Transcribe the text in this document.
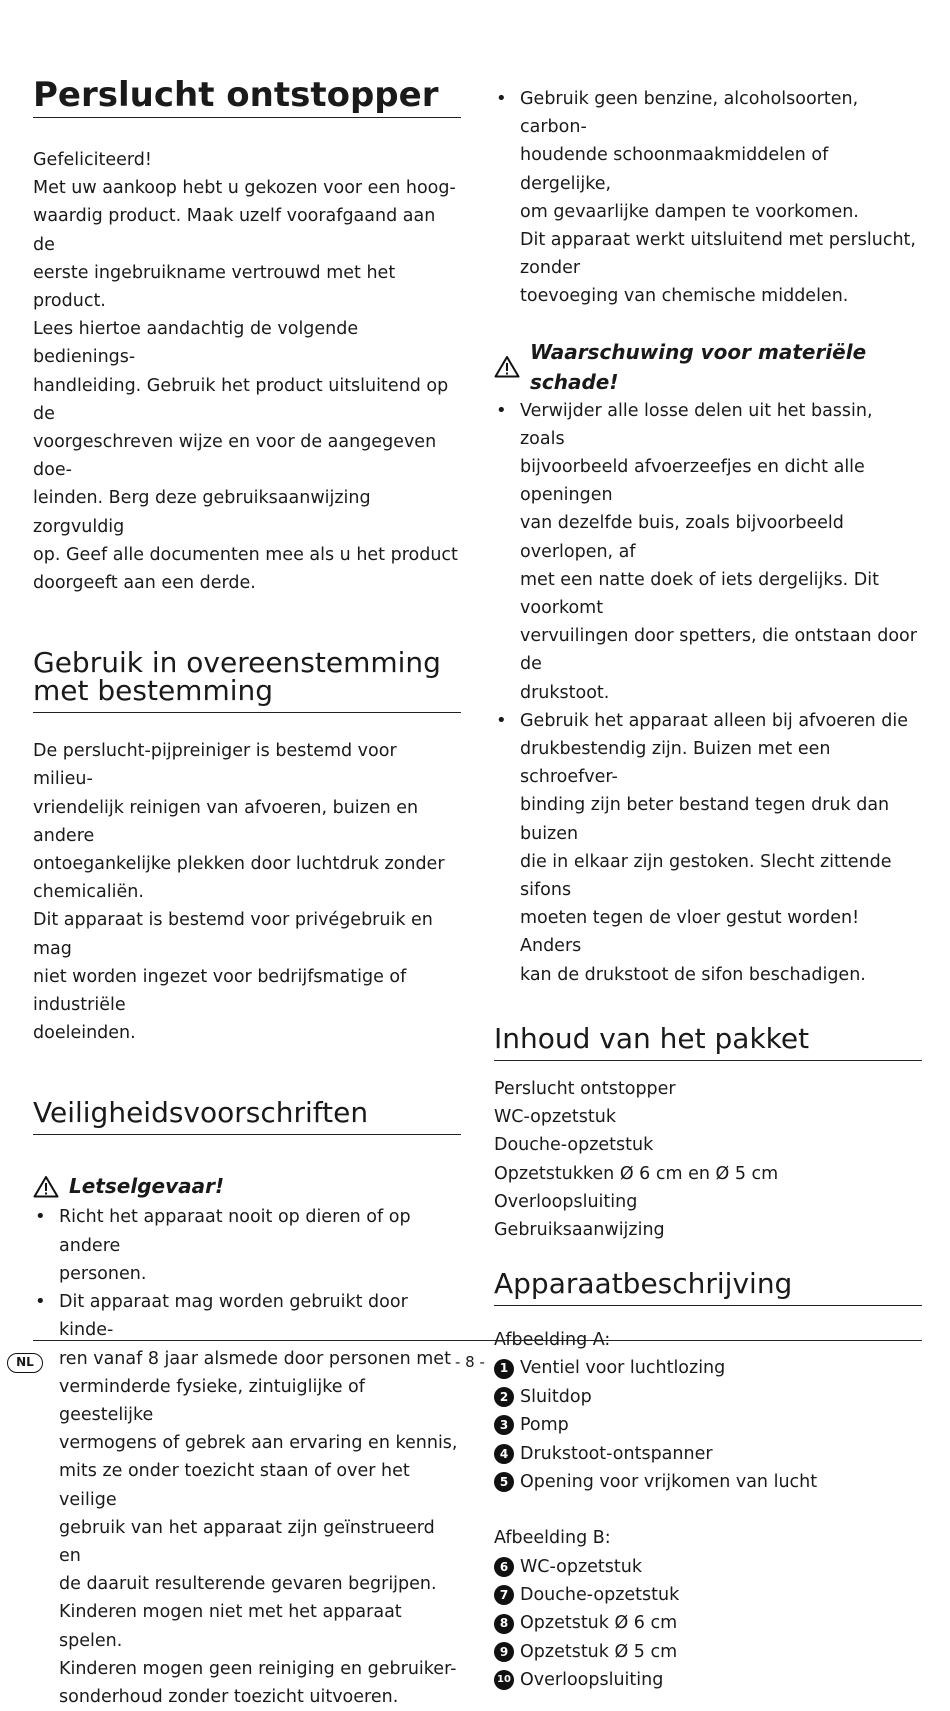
Perslucht ontstopper
Gefeliciteerd!
Met uw aankoop hebt u gekozen voor een hoog-
waardig product. Maak uzelf voorafgaand aan de
eerste ingebruikname vertrouwd met het product.
Lees hiertoe aandachtig de volgende bedienings-
handleiding. Gebruik het product uitsluitend op de
voorgeschreven wijze en voor de aangegeven doe-
leinden. Berg deze gebruiksaanwijzing zorgvuldig
op. Geef alle documenten mee als u het product
doorgeeft aan een derde.
Gebruik in overeenstemming
met bestemming
De perslucht-pijpreiniger is bestemd voor milieu-
vriendelijk reinigen van afvoeren, buizen en andere
ontoegankelijke plekken door luchtdruk zonder
chemicaliën.
Dit apparaat is bestemd voor privégebruik en mag
niet worden ingezet voor bedrijfsmatige of industriële
doeleinden.
Veiligheidsvoorschriften
Letselgevaar!
• Richt het apparaat nooit op dieren of op andere
personen.
• Dit apparaat mag worden gebruikt door kinde-
ren vanaf 8 jaar alsmede door personen met
verminderde fysieke, zintuiglijke of geestelijke
vermogens of gebrek aan ervaring en kennis,
mits ze onder toezicht staan of over het veilige
gebruik van het apparaat zijn geïnstrueerd en
de daaruit resulterende gevaren begrijpen.
Kinderen mogen niet met het apparaat spelen.
Kinderen mogen geen reiniging en gebruiker-
sonderhoud zonder toezicht uitvoeren.
• Gebruik geen benzine, alcoholsoorten, carbon-
houdende schoonmaakmiddelen of dergelijke,
om gevaarlijke dampen te voorkomen.
Dit apparaat werkt uitsluitend met perslucht, zonder
toevoeging van chemische middelen.
Waarschuwing voor materiële schade!
• Verwijder alle losse delen uit het bassin, zoals
bijvoorbeeld afvoerzeefjes en dicht alle openingen
van dezelfde buis, zoals bijvoorbeeld overlopen, af
met een natte doek of iets dergelijks. Dit voorkomt
vervuilingen door spetters, die ontstaan door de
drukstoot.
• Gebruik het apparaat alleen bij afvoeren die
drukbestendig zijn. Buizen met een schroefver-
binding zijn beter bestand tegen druk dan buizen
die in elkaar zijn gestoken. Slecht zittende sifons
moeten tegen de vloer gestut worden! Anders
kan de drukstoot de sifon beschadigen.
Inhoud van het pakket
Perslucht ontstopper
WC-opzetstuk
Douche-opzetstuk
Opzetstukken Ø 6 cm en Ø 5 cm
Overloopsluiting
Gebruiksaanwijzing
Apparaatbeschrijving
Afbeelding A:
1 Ventiel voor luchtlozing
2 Sluitdop
3 Pomp
4 Drukstoot-ontspanner
5 Opening voor vrijkomen van lucht
Afbeelding B:
6 WC-opzetstuk
7 Douche-opzetstuk
8 Opzetstuk Ø 6 cm
9 Opzetstuk Ø 5 cm
10 Overloopsluiting
NL	- 8 -
